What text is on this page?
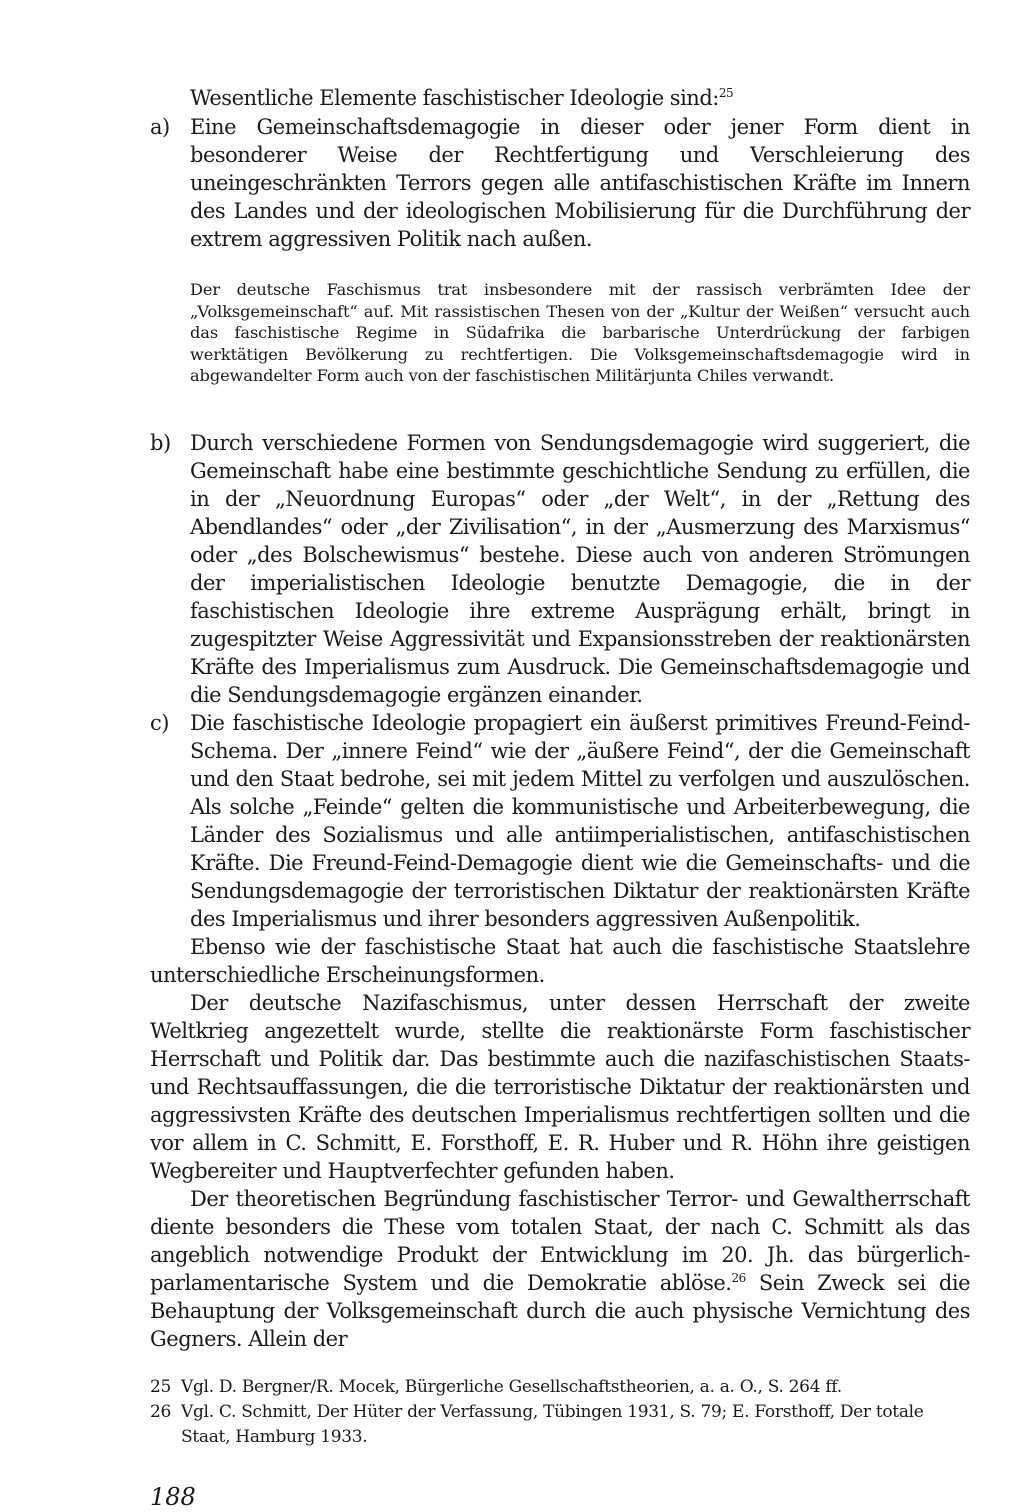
Wesentliche Elemente faschistischer Ideologie sind:$^{25}$

a) Eine Gemeinschaftsdemagogie in dieser oder jener Form dient in besonderer Weise der Rechtfertigung und Verschleierung des uneingeschränkten Terrors gegen alle antifaschistischen Kräfte im Innern des Landes und der ideologischen Mobilisierung für die Durchführung der extrem aggressiven Politik nach außen.

Der deutsche Faschismus trat insbesondere mit der rassisch verbrämten Idee der „Volksgemeinschaft“ auf. Mit rassistischen Thesen von der „Kultur der Weißen“ versucht auch das faschistische Regime in Südafrika die barbarische Unterdrückung der farbigen werktätigen Bevölkerung zu rechtfertigen. Die Volksgemeinschaftsdemagogie wird in abgewandelter Form auch von der faschistischen Militärjunta Chiles verwandt.

b) Durch verschiedene Formen von Sendungsdemagogie wird suggeriert, die Gemeinschaft habe eine bestimmte geschichtliche Sendung zu erfüllen, die in der „Neuordnung Europas“ oder „der Welt“, in der „Rettung des Abendlandes“ oder „der Zivilisation“, in der „Ausmerzung des Marxismus“ oder „des Bolschewismus“ bestehe. Diese auch von anderen Strömungen der imperialistischen Ideologie benutzte Demagogie, die in der faschistischen Ideologie ihre extreme Ausprägung erhält, bringt in zugespitzter Weise Aggressivität und Expansionsstreben der reaktionärsten Kräfte des Imperialismus zum Ausdruck. Die Gemeinschaftsdemagogie und die Sendungsdemagogie ergänzen einander.

c) Die faschistische Ideologie propagiert ein äußerst primitives Freund-Feind-Schema. Der „innere Feind“ wie der „äußere Feind“, der die Gemeinschaft und den Staat bedrohe, sei mit jedem Mittel zu verfolgen und auszulöschen. Als solche „Feinde“ gelten die kommunistische und Arbeiterbewegung, die Länder des Sozialismus und alle antiimperialistischen, antifaschistischen Kräfte. Die Freund-Feind-Demagogie dient wie die Gemeinschafts- und die Sendungsdemagogie der terroristischen Diktatur der reaktionärsten Kräfte des Imperialismus und ihrer besonders aggressiven Außenpolitik.

Ebenso wie der faschistische Staat hat auch die faschistische Staatslehre unterschiedliche Erscheinungsformen.

Der deutsche Nazifaschismus, unter dessen Herrschaft der zweite Weltkrieg angezettelt wurde, stellte die reaktionärste Form faschistischer Herrschaft und Politik dar. Das bestimmte auch die nazifaschistischen Staats- und Rechtsauffassungen, die die terroristische Diktatur der reaktionärsten und aggressivsten Kräfte des deutschen Imperialismus rechtfertigen sollten und die vor allem in C. Schmitt, E. Forsthoff, E. R. Huber und R. Höhn ihre geistigen Wegbereiter und Hauptverfechter gefunden haben.

Der theoretischen Begründung faschistischer Terror- und Gewaltherrschaft diente besonders die These vom totalen Staat, der nach C. Schmitt als das angeblich notwendige Produkt der Entwicklung im 20. Jh. das bürgerlich-parlamentarische System und die Demokratie ablöse.$^{26}$ Sein Zweck sei die Behauptung der Volksgemeinschaft durch die auch physische Vernichtung des Gegners. Allein der

25 Vgl. D. Bergner/R. Mocek, Bürgerliche Gesellschaftstheorien, a. a. O., S. 264 ff.
26 Vgl. C. Schmitt, Der Hüter der Verfassung, Tübingen 1931, S. 79; E. Forsthoff, Der totale Staat, Hamburg 1933.
188
